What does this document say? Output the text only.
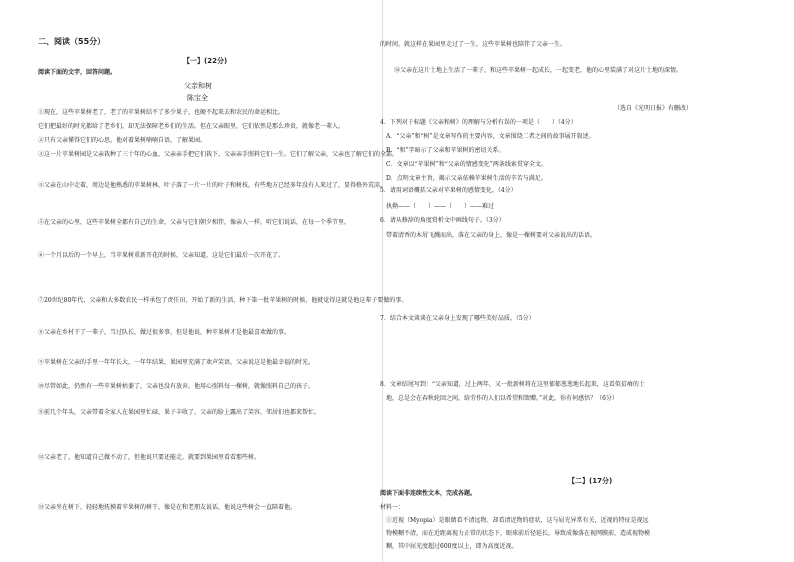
二、阅读（55分）
【一】(22分)
阅读下面的文字，回答问题。
父亲和树
陈宝全
①现在，这些苹果树老了，老了的苹果树结不了多少果子，也硬不起来去和农民的命运相比。
它们把最好的时光都给了老乡们，却无法保障老乡们的生活。但在父亲眼里，它们依然是那么珍贵，就像老一辈人。
②只有父亲懂得它们的心思，他对着果树喃喃自语，了解果园。
③这一片苹果树园是父亲栽种了三十年的心血，父亲亲手把它们栽下，父亲亲手照料它们一生。它们了解父亲，父亲也了解它们的全部。
④父亲在山中走着，周边是他熟悉的苹果树林，叶子落了一片一片的叶子和树枝，有些地方已经多年没有人来过了，显得格外荒凉。
⑤在父亲的心里，这些苹果树全都有自己的生命，父亲与它们朝夕相伴，像亲人一样，听它们说话，在每一个季节里。
⑥一个月以后的一个早上，当苹果树重新开花的时候，父亲知道，这是它们最后一次开花了。
⑦20世纪80年代，父亲和大多数农民一样承包了责任田，开始了新的生活，种下第一批苹果树的时候，他就觉得这就是他这辈子要做的事。
⑧父亲在乡村干了一辈子，当过队长，做过很多事，但是他说，种苹果树才是他最喜欢做的事。
⑨苹果树在父亲的手里一年年长大，一年年结果，果园里充满了欢声笑语，父亲说这是他最幸福的时光。
⑩尽管如此，仍然有一些苹果树枯萎了，父亲也没有放弃，他用心照料每一棵树，就像照料自己的孩子。
⑪前几个年头，父亲带着全家人在果园里忙碌，果子丰收了，父亲的脸上露出了笑容，邻居们也都来帮忙。
⑫父亲老了，他知道自己做不动了，但他说只要还能走，就要到果园里看看那些树。
⑬父亲坐在树下，轻轻地抚摸着苹果树的树干，像是在和老朋友说话，他说这些树会一直陪着他。
的时间，就这样在果园里走过了一生，这些苹果树也陪伴了父亲一生。
⑭父亲在这片土地上生活了一辈子，和这些苹果树一起成长，一起变老，他的心里装满了对这片土地的深情。
（选自《光明日报》有删改）
4．下列对于标题《父亲和树》的理解与分析有误的一项是（　　）（4分）
A．“父亲”和“树”是文章写作的主要内容，文章围绕二者之间的故事展开叙述。
B．“和”字暗示了父亲和苹果树的密切关系。
C．文章以“苹果树”和“父亲的情感变化”两条线索贯穿全文。
D．点明文章主旨，揭示父亲依赖苹果树生活的辛苦与满足。
5．请用词语概括父亲对苹果树的感情变化。（4分）
执拗——（　　）——（　　）——难过
6．请从修辞的角度赏析文中画线句子。（3分）
带着清香的木屑飞溅而出，落在父亲的身上，像是一棵树要对父亲说出的话语。
7．结合本文谈谈在父亲身上发现了哪些美好品质。（5分）
8．文章结尾写到：“父亲知道，过上两年，又一批新树将在这里郁郁葱葱地长起来，这看似贫瘠的土
地，总是会在春秋轮回之间，给劳作的人们以希望和馈赠。”对此，你有何感悟？（6分）
【二】(17分)
阅读下面非连续性文本，完成各题。
材料一：
①近视（Myopia）是眼睛看不清远物、却看清近物的症状，这与屈光异常有关，近视的特征是视远
物模糊不清，而在近距离视力正常的状态下，眼球前后径延长，导致成像落在视网膜前，造成视物模
糊，其中屈光度超过600度以上，即为高度近视。
